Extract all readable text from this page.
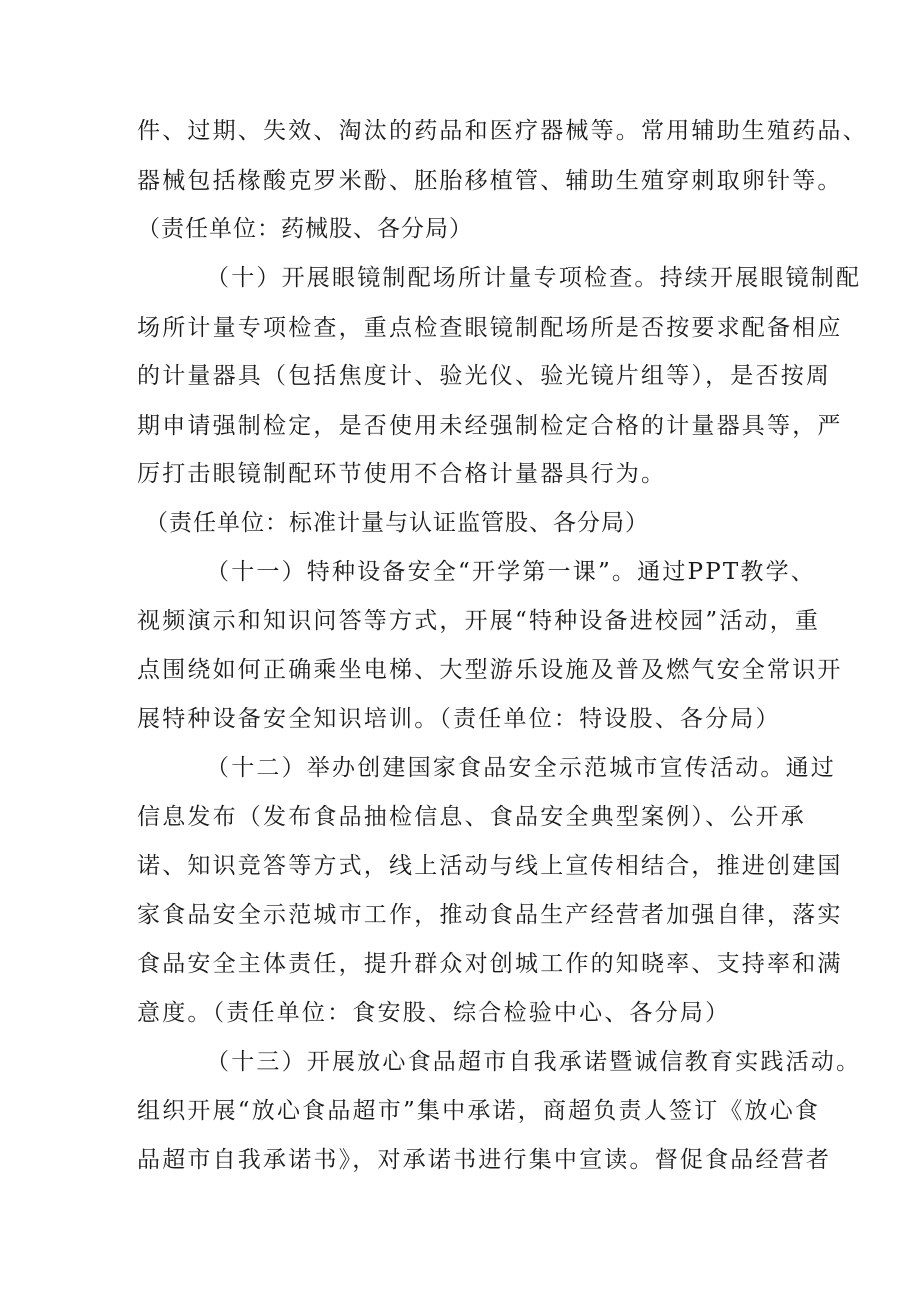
件、过期、失效、淘汰的药品和医疗器械等。常用辅助生殖药品、
器械包括椽酸克罗米酚、胚胎移植管、辅助生殖穿刺取卵针等。
（责任单位：药械股、各分局）
（十）开展眼镜制配场所计量专项检查。持续开展眼镜制配
场所计量专项检查，重点检查眼镜制配场所是否按要求配备相应
的计量器具（包括焦度计、验光仪、验光镜片组等），是否按周
期申请强制检定，是否使用未经强制检定合格的计量器具等，严
厉打击眼镜制配环节使用不合格计量器具行为。
（责任单位：标准计量与认证监管股、各分局）
（十一）特种设备安全“开学第一课”。通过PPT教学、
视频演示和知识问答等方式，开展“特种设备进校园”活动，重
点围绕如何正确乘坐电梯、大型游乐设施及普及燃气安全常识开
展特种设备安全知识培训。（责任单位：特设股、各分局）
（十二）举办创建国家食品安全示范城市宣传活动。通过
信息发布（发布食品抽检信息、食品安全典型案例）、公开承
诺、知识竞答等方式，线上活动与线上宣传相结合，推进创建国
家食品安全示范城市工作，推动食品生产经营者加强自律，落实
食品安全主体责任，提升群众对创城工作的知晓率、支持率和满
意度。（责任单位：食安股、综合检验中心、各分局）
（十三）开展放心食品超市自我承诺暨诚信教育实践活动。
组织开展“放心食品超市”集中承诺，商超负责人签订《放心食
品超市自我承诺书》，对承诺书进行集中宣读。督促食品经营者
